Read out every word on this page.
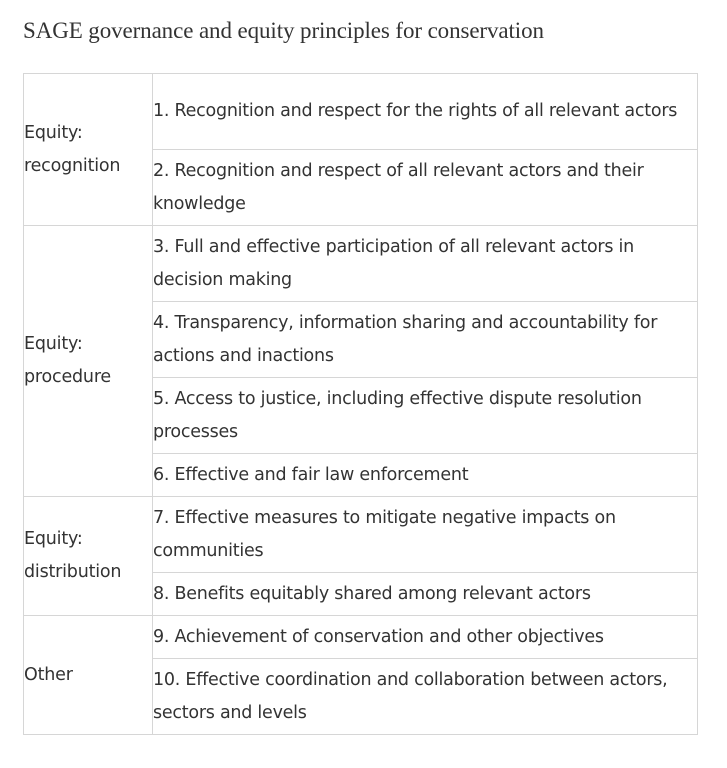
SAGE governance and equity principles for conservation
Equity:
recognition	1. Recognition and respect for the rights of all relevant actors
	2. Recognition and respect of all relevant actors and their knowledge
Equity:
procedure	3. Full and effective participation of all relevant actors in decision making
	4. Transparency, information sharing and accountability for actions and inactions
	5. Access to justice, including effective dispute resolution processes
	6. Effective and fair law enforcement
Equity:
distribution	7. Effective measures to mitigate negative impacts on communities
	8. Benefits equitably shared among relevant actors
Other	9. Achievement of conservation and other objectives
	10. Effective coordination and collaboration between actors, sectors and levels
